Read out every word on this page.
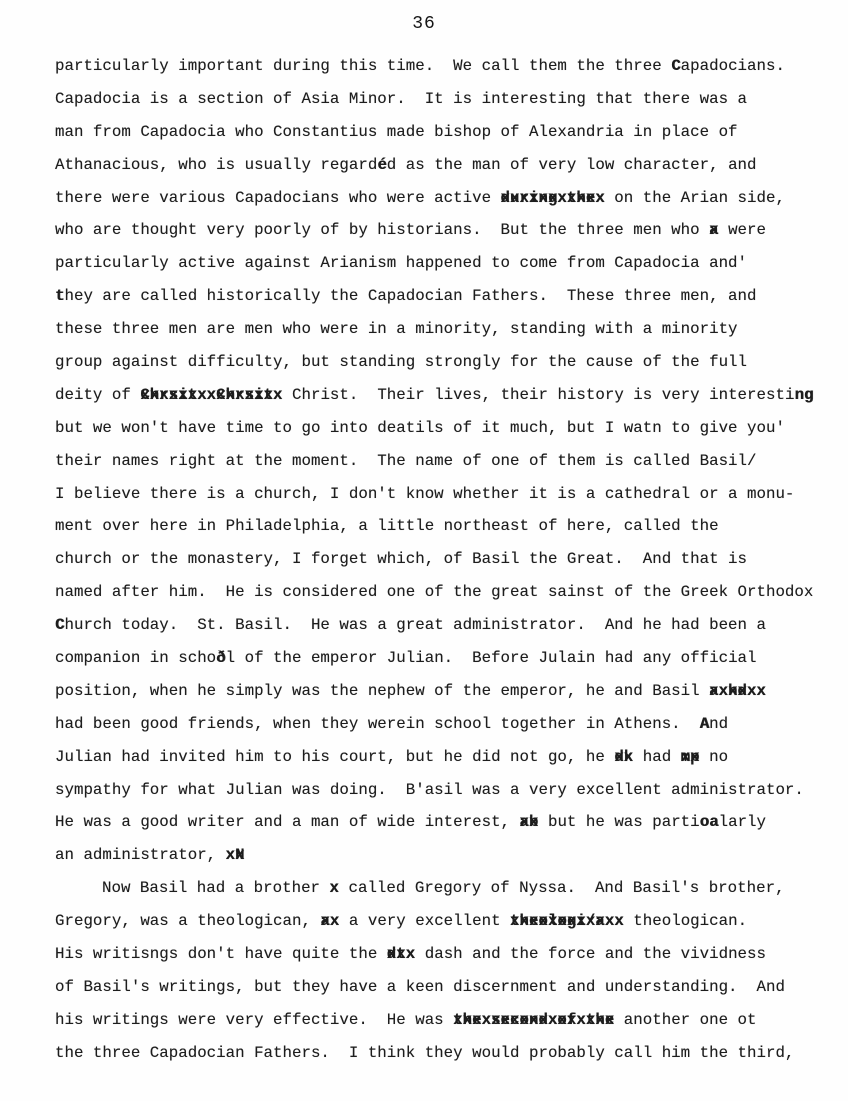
36
particularly important during this time.  We call them the three Capadocians.
Capadocia is a section of Asia Minor.  It is interesting that there was a
man from Capadocia who Constantius made bishop of Alexandria in place of
Athanacious, who is usually regardéd as the man of very low character, and
there were various Capadocians who were active duringxthex xxxxxxxxxxxxxxxxxxxxxxxx on the Arian side,
who are thought very poorly of by historians.  But the three men who a xxxxxxxxxxxxxxxxxxxxxxxx were
particularly active against Arianism happened to come from Capadocia and'
they are called historically the Capadocian Fathers.  These three men, and
these three men are men who were in a minority, standing with a minority
group against difficulty, but standing strongly for the cause of the full
deity of ChrsitxxChrsitx xxxxxxxxxxxxxxxxxxxxxxxx Christ.  Their lives, their history is very interesting
but we won't have time to go into deatils of it much, but I watn to give you'
their names right at the moment.  The name of one of them is called Basil/
I believe there is a church, I don't know whether it is a cathedral or a monu-
ment over here in Philadelphia, a little northeast of here, called the
church or the monastery, I forget which, of Basil the Great.  And that is
named after him.  He is considered one of the great sainst of the Greek Orthodox
Church today.  St. Basil.  He was a great administrator.  And he had been a
companion in schoðl of the emperor Julian.  Before Julain had any official
position, when he simply was the nephew of the emperor, he and Basil axhdxx xxxxxxxxxxxxxxxxxxxxxxxx
had been good friends, when they werein school together in Athens.  And
Julian had invited him to his court, but he did not go, he dk xxxxxxxxxxxxxxxxxxxxxxxx had mp xxxxxxxxxxxxxxxxxxxxxxxx no
sympathy for what Julian was doing.  B'asil was a very excellent administrator.
He was a good writer and a man of wide interest, ab xxxxxxxxxxxxxxxxxxxxxxxx but he was partioalarly
an administrator, xN xxxxxxxxxxxxxxxxxxxxxxxx
Now Basil had a brother x xxxxxxxxxxxxxxxxxxxxxxxx called Gregory of Nyssa.  And Basil's brother,
Gregory, was a theologican, ax xxxxxxxxxxxxxxxxxxxxxxxx a very excellent theologi/axx xxxxxxxxxxxxxxxxxxxxxxxx theologican.
His writisngs don't have quite the dtx xxxxxxxxxxxxxxxxxxxxxxxx dash and the force and the vividness
of Basil's writings, but they have a keen discernment and understanding.  And
his writings were very effective.  He was thexsecondxofxthe xxxxxxxxxxxxxxxxxxxxxxxx another one ot
the three Capadocian Fathers.  I think they would probably call him the third,
